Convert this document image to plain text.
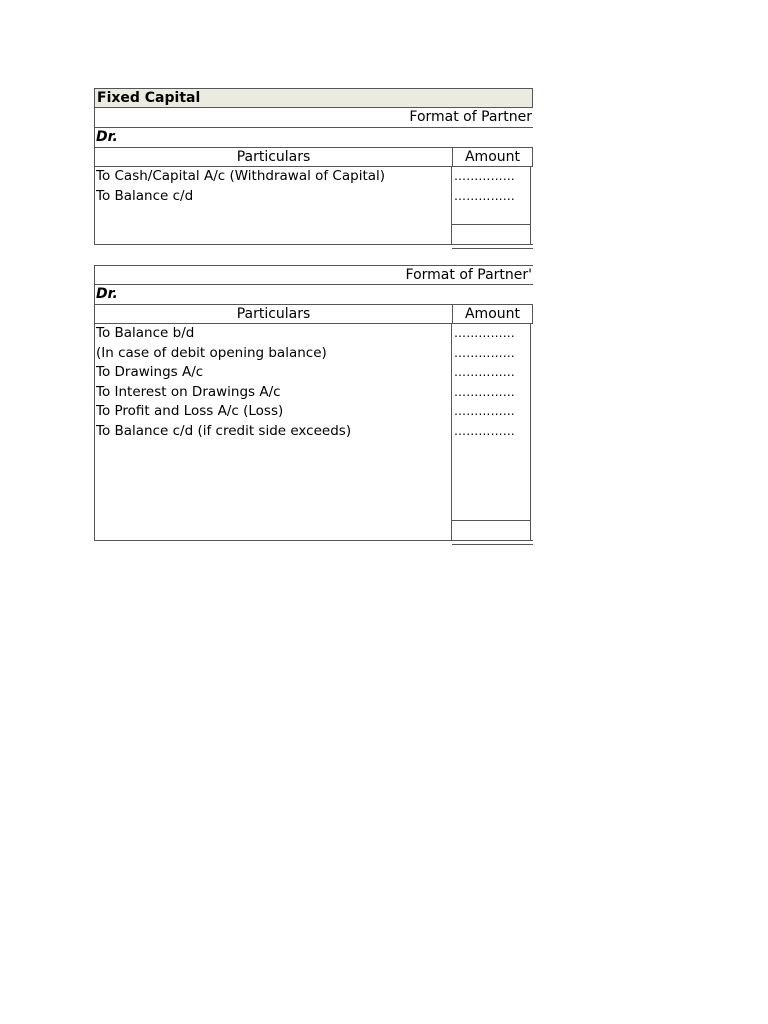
Fixed Capital
Format of Partner
Dr.
Particulars	Amount
To Cash/Capital A/c (Withdrawal of Capital)
To Balance c/d
……………
……………
Format of Partner'
Dr.
Particulars	Amount
To Balance b/d
(In case of debit opening balance)
To Drawings A/c
To Interest on Drawings A/c
To Profit and Loss A/c (Loss)
To Balance c/d (if credit side exceeds)
……………
……………
……………
……………
……………
……………
